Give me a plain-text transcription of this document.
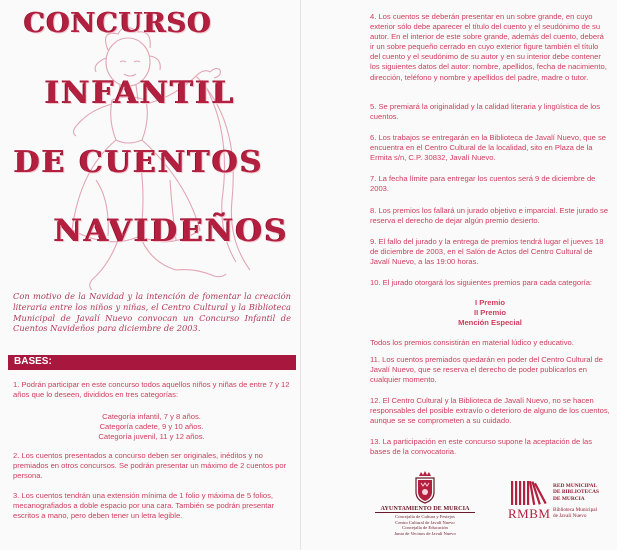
CONCURSO
INFANTIL
DE CUENTOS
NAVIDEÑOS
Con motivo de la Navidad y la intención de fomentar la creación literaria entre los niños y niñas, el Centro Cultural y la Biblioteca Municipal de Javalí Nuevo convocan un Concurso Infantil de Cuentos Navideños para diciembre de 2003.
BASES:

1. Podrán participar en este concurso todos aquellos niños y niñas de entre 7 y 12 años que lo deseen, divididos en tres categorías:

Categoría infantil, 7 y 8 años.

Categoría cadete, 9 y 10 años.

Categoría juvenil, 11 y 12 años.

2. Los cuentos presentados a concurso deben ser originales, inéditos y no premiados en otros concursos. Se podrán presentar un máximo de 2 cuentos por persona.

3. Los cuentos tendrán una extensión mínima de 1 folio y máxima de 5 folios, mecanografiados a doble espacio por una cara. También se podrán presentar escritos a mano, pero deben tener un letra legible.

4. Los cuentos se deberán presentar en un sobre grande, en cuyo exterior sólo debe aparecer el título del cuento y el seudónimo de su autor. En el interior de este sobre grande, además del cuento, deberá ir un sobre pequeño cerrado en cuyo exterior figure también el título del cuento y el seudónimo de su autor y en su interior debe contener los siguientes datos del autor: nombre, apellidos, fecha de nacimiento, dirección, teléfono y nombre y apellidos del padre, madre o tutor.

5. Se premiará la originalidad y la calidad literaria y lingüística de los cuentos.

6. Los trabajos se entregarán en la Biblioteca de Javalí Nuevo, que se encuentra en el Centro Cultural de la localidad, sito en Plaza de la Ermita s/n, C.P. 30832, Javalí Nuevo.

7. La fecha límite para entregar los cuentos será 9 de diciembre de 2003.

8. Los premios los fallará un jurado objetivo e imparcial. Este jurado se reserva el derecho de dejar algún premio desierto.

9. El fallo del jurado y la entrega de premios tendrá lugar el jueves 18 de diciembre de 2003, en el Salón de Actos del Centro Cultural de Javalí Nuevo, a las 19:00 horas.

10. El jurado otorgará los siguientes premios para cada categoría:

I Premio

II Premio

Mención Especial

Todos los premios consistirán en material lúdico y educativo.

11. Los cuentos premiados quedarán en poder del Centro Cultural de Javalí Nuevo, que se reserva el derecho de poder publicarlos en cualquier momento.

12. El Centro Cultural y la Biblioteca de Javalí Nuevo, no se hacen responsables del posible extravío o deterioro de alguno de los cuentos, aunque se se comprometen a su cuidado.

13. La participación en este concurso supone la aceptación de las bases de la convocatoria.

AYUNTAMIENTO DE MURCIA
Concejalía de Cultura y Festejos
Centro Cultural de Javalí Nuevo
Concejalía de Educación
Junta de Vecinos de Javalí Nuevo
RMBM
RED MUNICIPAL
DE BIBLIOTECAS
DE MURCIA
Biblioteca Municipal
de Javalí Nuevo
